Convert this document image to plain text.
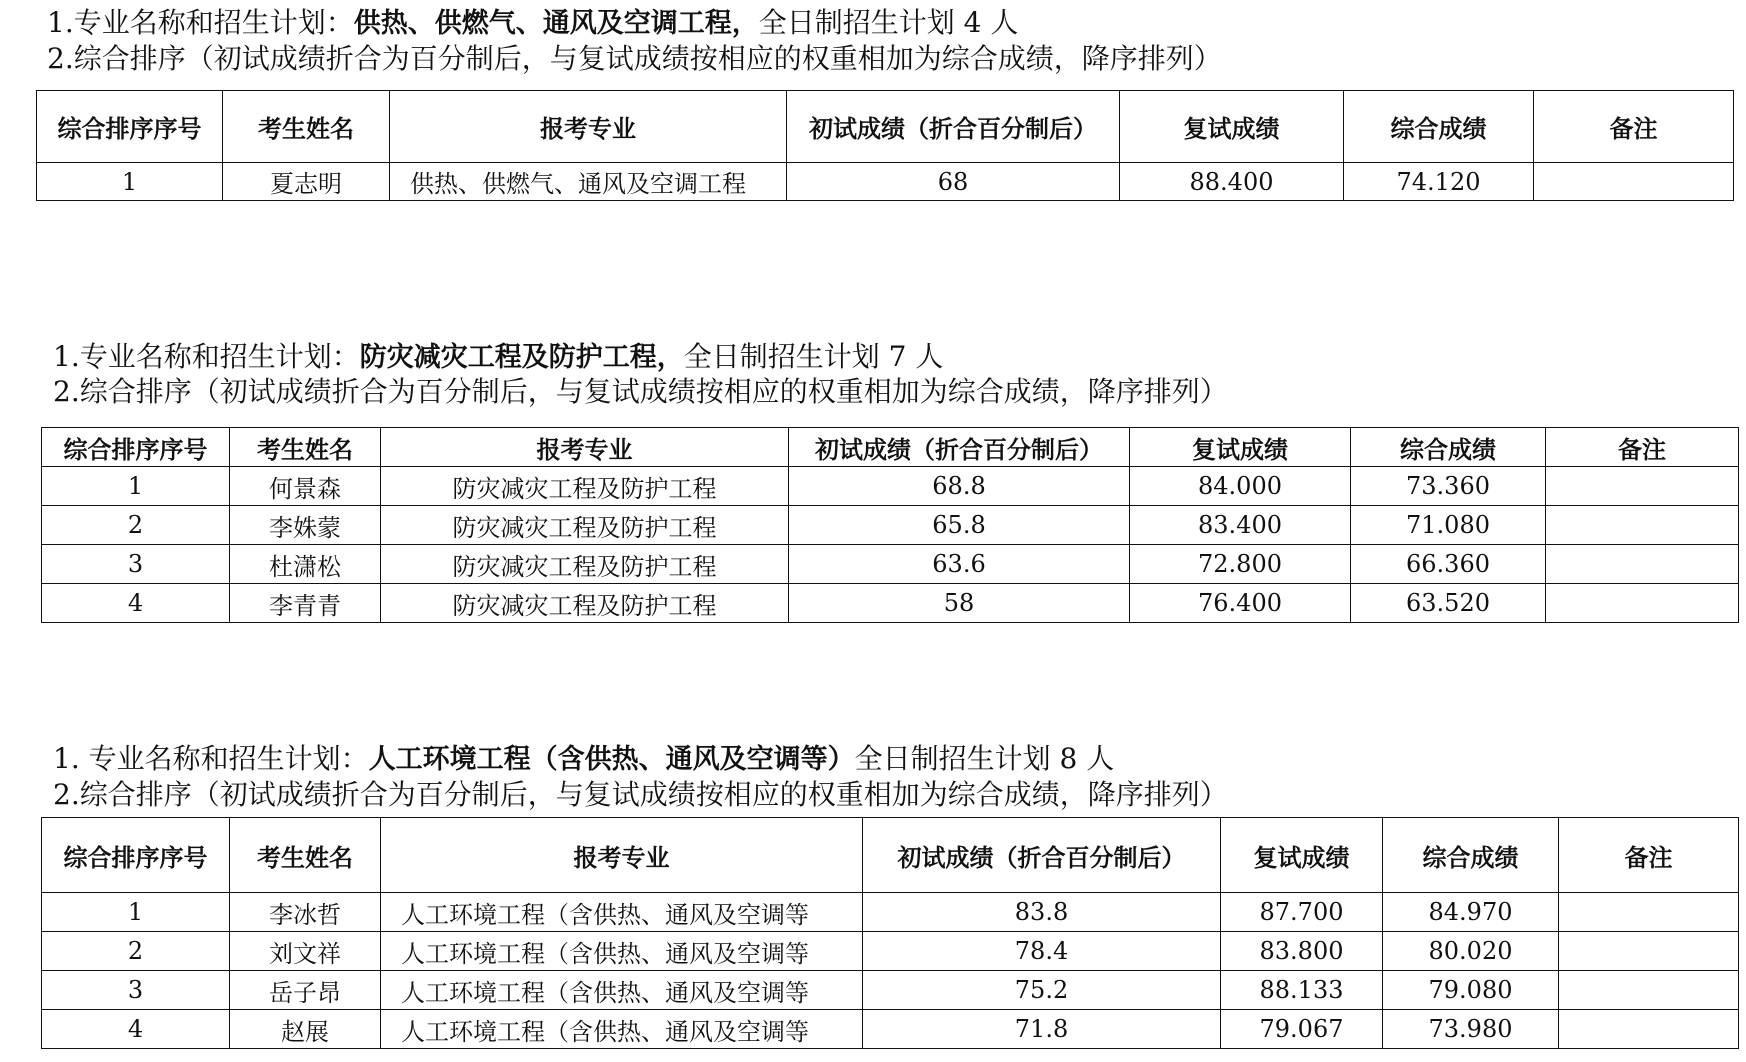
1.专业名称和招生计划：供热、供燃气、通风及空调工程，全日制招生计划 4 人
2.综合排序（初试成绩折合为百分制后，与复试成绩按相应的权重相加为综合成绩，降序排列）
综合排序序号	考生姓名	报考专业	初试成绩（折合百分制后）	复试成绩	综合成绩	备注
1	夏志明	供热、供燃气、通风及空调工程	68	88.400	74.120	
1.专业名称和招生计划：防灾减灾工程及防护工程，全日制招生计划 7 人
2.综合排序（初试成绩折合为百分制后，与复试成绩按相应的权重相加为综合成绩，降序排列）
综合排序序号	考生姓名	报考专业	初试成绩（折合百分制后）	复试成绩	综合成绩	备注
1	何景森	防灾减灾工程及防护工程	68.8	84.000	73.360	
2	李姝蒙	防灾减灾工程及防护工程	65.8	83.400	71.080	
3	杜潇松	防灾减灾工程及防护工程	63.6	72.800	66.360	
4	李青青	防灾减灾工程及防护工程	58	76.400	63.520	
1. 专业名称和招生计划：人工环境工程（含供热、通风及空调等）全日制招生计划 8 人
2.综合排序（初试成绩折合为百分制后，与复试成绩按相应的权重相加为综合成绩，降序排列）
综合排序序号	考生姓名	报考专业	初试成绩（折合百分制后）	复试成绩	综合成绩	备注
1	李冰哲	人工环境工程（含供热、通风及空调等	83.8	87.700	84.970	
2	刘文祥	人工环境工程（含供热、通风及空调等	78.4	83.800	80.020	
3	岳子昂	人工环境工程（含供热、通风及空调等	75.2	88.133	79.080	
4	赵展	人工环境工程（含供热、通风及空调等	71.8	79.067	73.980	
